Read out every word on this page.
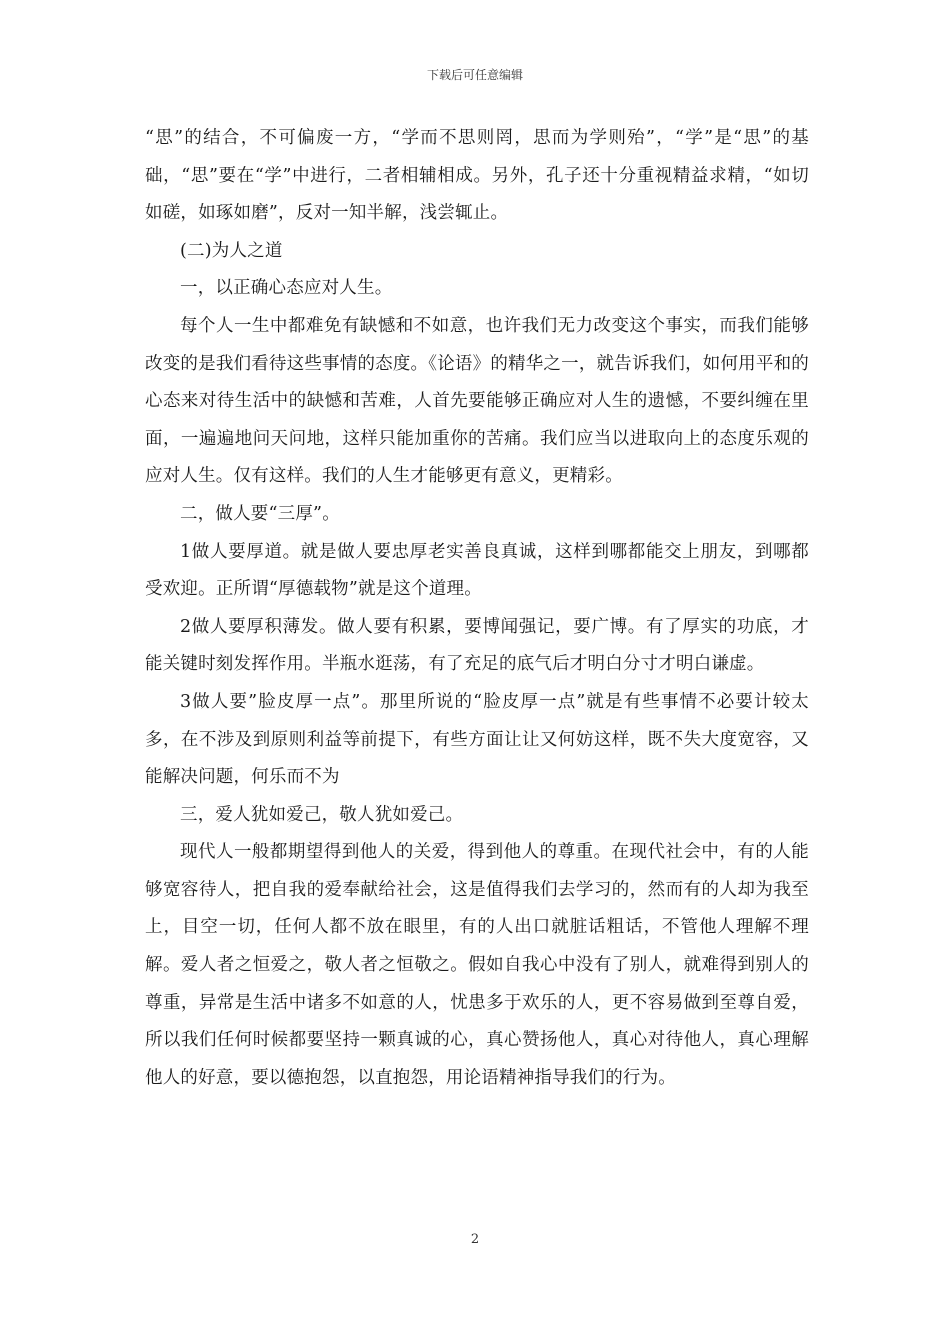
下载后可任意编辑

“思”的结合，不可偏废一方，“学而不思则罔，思而为学则殆”，“学”是“思”的基础，“思”要在“学”中进行，二者相辅相成。另外，孔子还十分重视精益求精，“如切如磋，如琢如磨”，反对一知半解，浅尝辄止。

(二)为人之道

一，以正确心态应对人生。

每个人一生中都难免有缺憾和不如意，也许我们无力改变这个事实，而我们能够改变的是我们看待这些事情的态度。《论语》的精华之一，就告诉我们，如何用平和的心态来对待生活中的缺憾和苦难，人首先要能够正确应对人生的遗憾，不要纠缠在里面，一遍遍地问天问地，这样只能加重你的苦痛。我们应当以进取向上的态度乐观的应对人生。仅有这样。我们的人生才能够更有意义，更精彩。

二，做人要“三厚”。

1做人要厚道。就是做人要忠厚老实善良真诚，这样到哪都能交上朋友，到哪都受欢迎。正所谓“厚德载物”就是这个道理。

2做人要厚积薄发。做人要有积累，要博闻强记，要广博。有了厚实的功底，才能关键时刻发挥作用。半瓶水逛荡，有了充足的底气后才明白分寸才明白谦虚。

3做人要”脸皮厚一点”。那里所说的“脸皮厚一点”就是有些事情不必要计较太多，在不涉及到原则利益等前提下，有些方面让让又何妨这样，既不失大度宽容，又能解决问题，何乐而不为

三，爱人犹如爱己，敬人犹如爱己。

现代人一般都期望得到他人的关爱，得到他人的尊重。在现代社会中，有的人能够宽容待人，把自我的爱奉献给社会，这是值得我们去学习的，然而有的人却为我至上，目空一切，任何人都不放在眼里，有的人出口就脏话粗话，不管他人理解不理解。爱人者之恒爱之，敬人者之恒敬之。假如自我心中没有了别人，就难得到别人的尊重，异常是生活中诸多不如意的人，忧患多于欢乐的人，更不容易做到至尊自爱，所以我们任何时候都要坚持一颗真诚的心，真心赞扬他人，真心对待他人，真心理解他人的好意，要以德抱怨，以直抱怨，用论语精神指导我们的行为。

2
